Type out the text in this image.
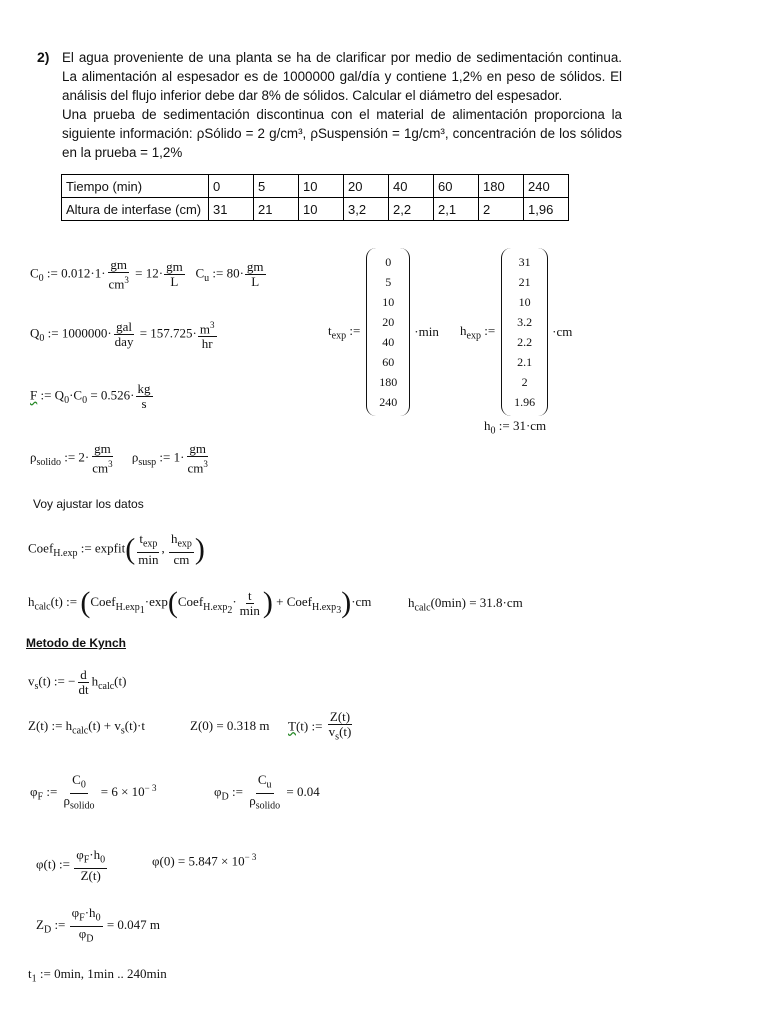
2) El agua proveniente de una planta se ha de clarificar por medio de sedimentación continua. La alimentación al espesador es de 1000000 gal/día y contiene 1,2% en peso de sólidos. El análisis del flujo inferior debe dar 8% de sólidos. Calcular el diámetro del espesador.

Una prueba de sedimentación discontinua con el material de alimentación proporciona la siguiente información: ρSólido = 2 g/cm³, ρSuspensión = 1g/cm³, concentración de los sólidos en la prueba = 1,2%

Tiempo (min)	0	5	10	20	40	60	180	240
Altura de interfase (cm)	31	21	10	3,2	2,2	2,1	2	1,96
$C_0$ := $0.012\cdot 1\cdot \frac{gm}{cm^3} = 12\cdot \frac{gm}{L} C_u$ := $80\cdot \frac{gm}{L}$
$Q_0$ := $1000000\cdot \frac{\text{gal}}{\text{day}} = 157.725\cdot \frac{m^3}{hr}$
F := $Q_0\cdot C_0 = 0.526\cdot \frac{kg}{s}$
$\rho_{solido}$ := $2\cdot \frac{gm}{cm^3} \rho_{susp}$ := $1\cdot \frac{gm}{cm^3}$
$t_{exp}$ :=
0
5
10
20
40
60
180
240
·min $h_{exp}$ :=
31
21
10
3.2
2.2
2.1
2
1.96
·cm
$h_0$ := 31·cm
Voy ajustar los datos
Coef$_{H.exp}$ := expfit( $\frac{t_{exp}}{\min}$ , $\frac{h_{exp}}{cm}$ )
$h_{calc}(t)$ := (Coef$_{H.exp_1}$·exp(Coef$_{H.exp_2}$· $\frac{t}{\min}$ ) + Coef$_{H.exp_3}$)·cm	$h_{calc}(0\min) = 31.8\cdot cm$
Metodo de Kynch
$v_s(t)$ := − $\frac{d}{dt} h_{calc}(t)$
Z(t) := $h_{calc}(t) + v_s(t)\cdot t$	Z(0) = 0.318 m T(t) := $\frac{Z(t)}{v_s(t)}$
$\varphi_F$ := $\frac{C_0}{\rho_{solido}} = 6 \times 10^{- 3}$	$\varphi_D$ := $\frac{C_u}{\rho_{solido}} = 0.04$
φ(t) := $\frac{\varphi_F\cdot h_0}{Z(t)}$	$\varphi(0) = 5.847 \times 10^{- 3}$
$Z_D$ := $\frac{\varphi_F\cdot h_0}{\varphi_D} = 0.047$ m
$t_1$ := 0min, 1min .. 240min
